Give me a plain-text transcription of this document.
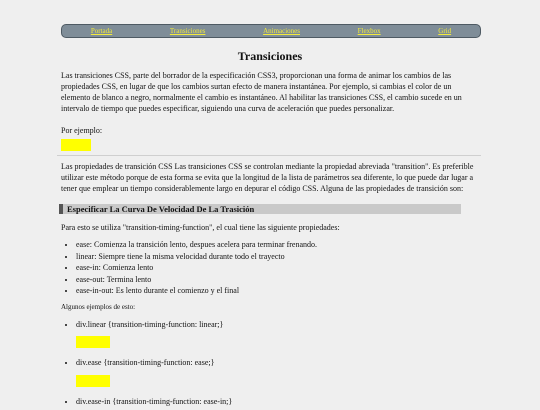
Portada	Transiciones	Animaciones	Flexbox	Grid
Transiciones

Las transiciones CSS, parte del borrador de la especificación CSS3, proporcionan una forma de animar los cambios de las propiedades CSS, en lugar de que los cambios surtan efecto de manera instantánea. Por ejemplo, si cambias el color de un elemento de blanco a negro, normalmente el cambio es instantáneo. Al habilitar las transiciones CSS, el cambio sucede en un intervalo de tiempo que puedes especificar, siguiendo una curva de aceleración que puedes personalizar.

Por ejemplo:

Las propiedades de transición CSS Las transiciones CSS se controlan mediante la propiedad abreviada "transition". Es preferible utilizar este método porque de esta forma se evita que la longitud de la lista de parámetros sea diferente, lo que puede dar lugar a tener que emplear un tiempo considerablemente largo en depurar el código CSS. Alguna de las propiedades de transición son:

Especificar La Curva De Velocidad De La Trasición

Para esto se utiliza "transition-timing-function", el cual tiene las siguiente propiedades:

• ease: Comienza la transición lento, despues acelera para terminar frenando.
• linear: Siempre tiene la misma velocidad durante todo el trayecto
• ease-in: Comienza lento
• ease-out: Termina lento
• ease-in-out: Es lento durante el comienzo y el final

Algunos ejemplos de esto:

• div.linear {transition-timing-function: linear;}
• div.ease {transition-timing-function: ease;}
• div.ease-in {transition-timing-function: ease-in;}
